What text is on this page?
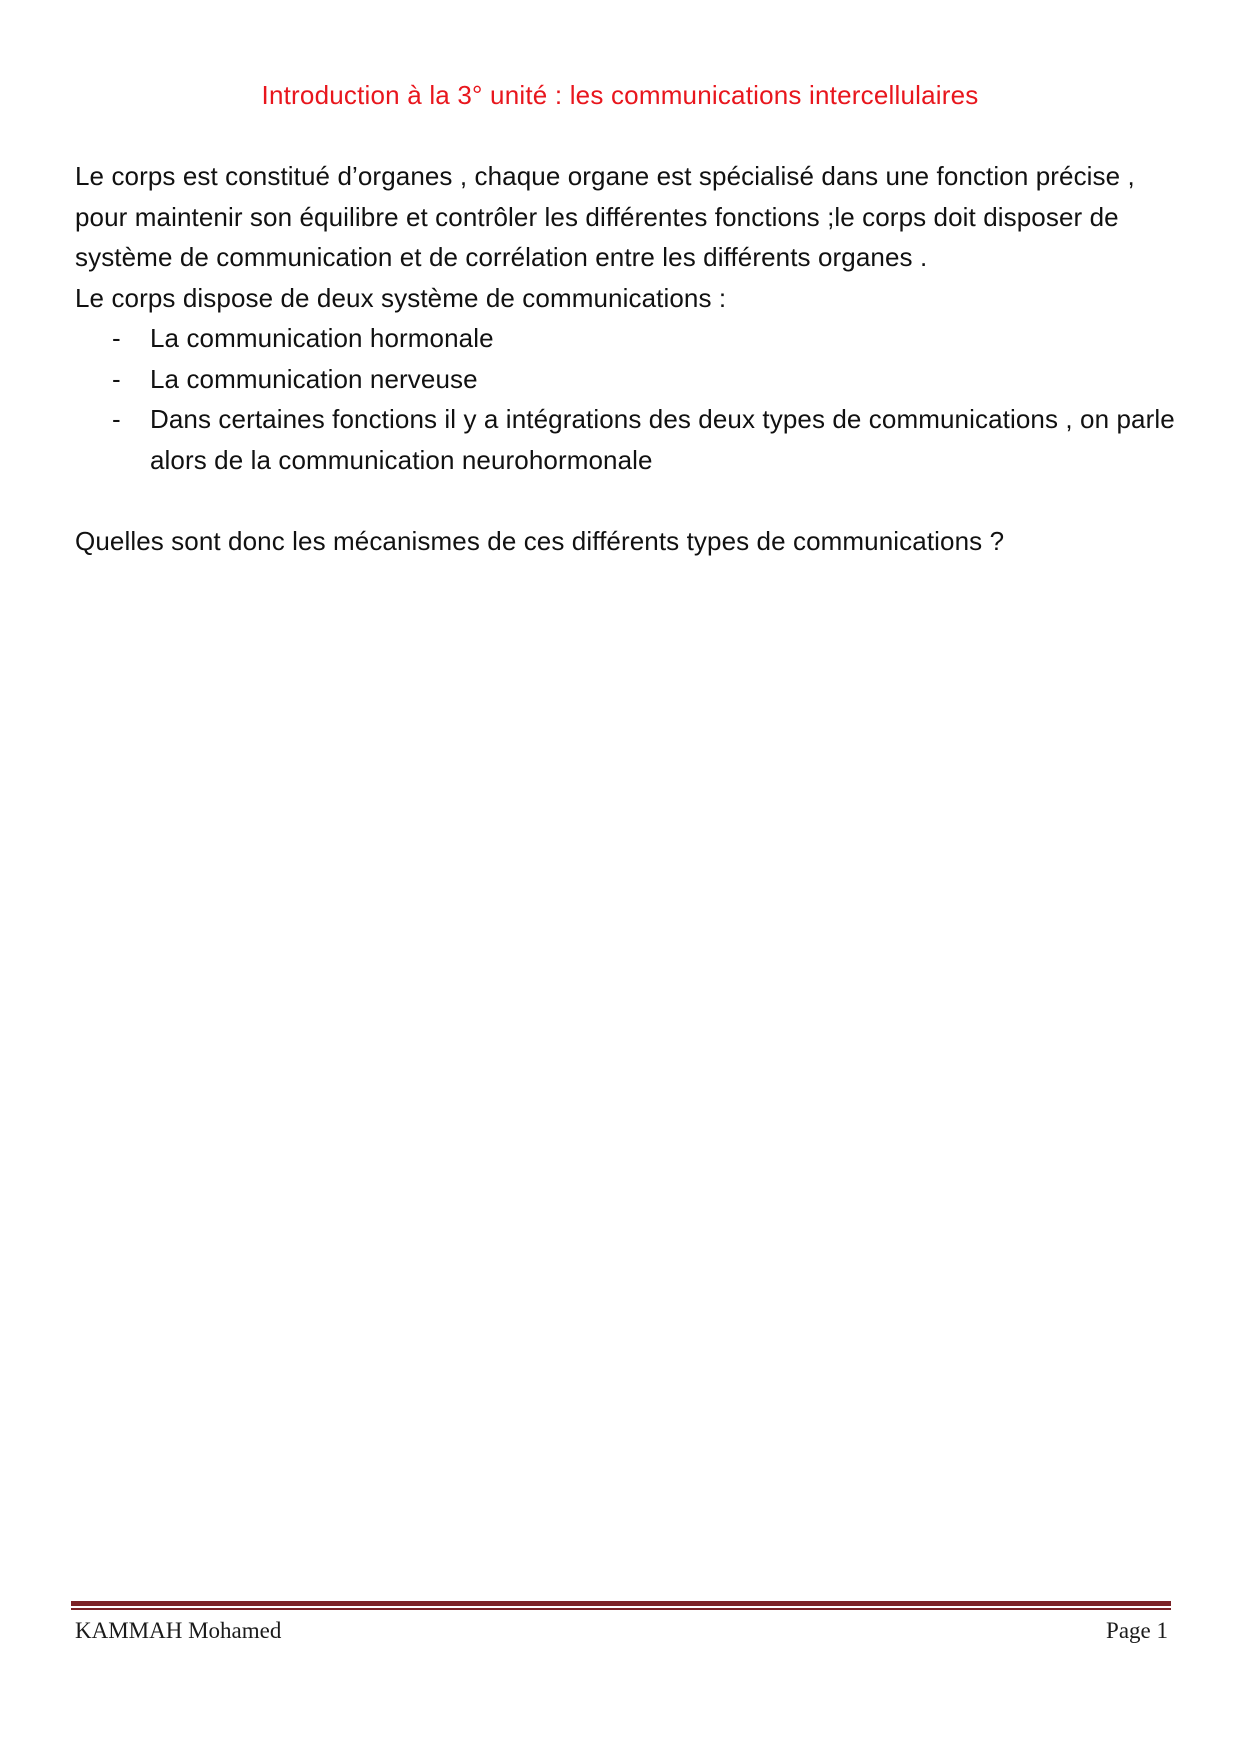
Introduction à la 3° unité : les communications intercellulaires

Le corps est constitué d’organes , chaque organe est spécialisé dans une fonction précise , pour maintenir son équilibre et contrôler les différentes fonctions ;le corps doit disposer de système de communication et de corrélation entre les différents organes .

Le corps dispose de deux système de communications :

- La communication hormonale
- La communication nerveuse
- Dans certaines fonctions il y a intégrations des deux types de communications , on parle alors de la communication neurohormonale

Quelles sont donc les mécanismes de ces différents types de communications ?

KAMMAH Mohamed	Page 1
